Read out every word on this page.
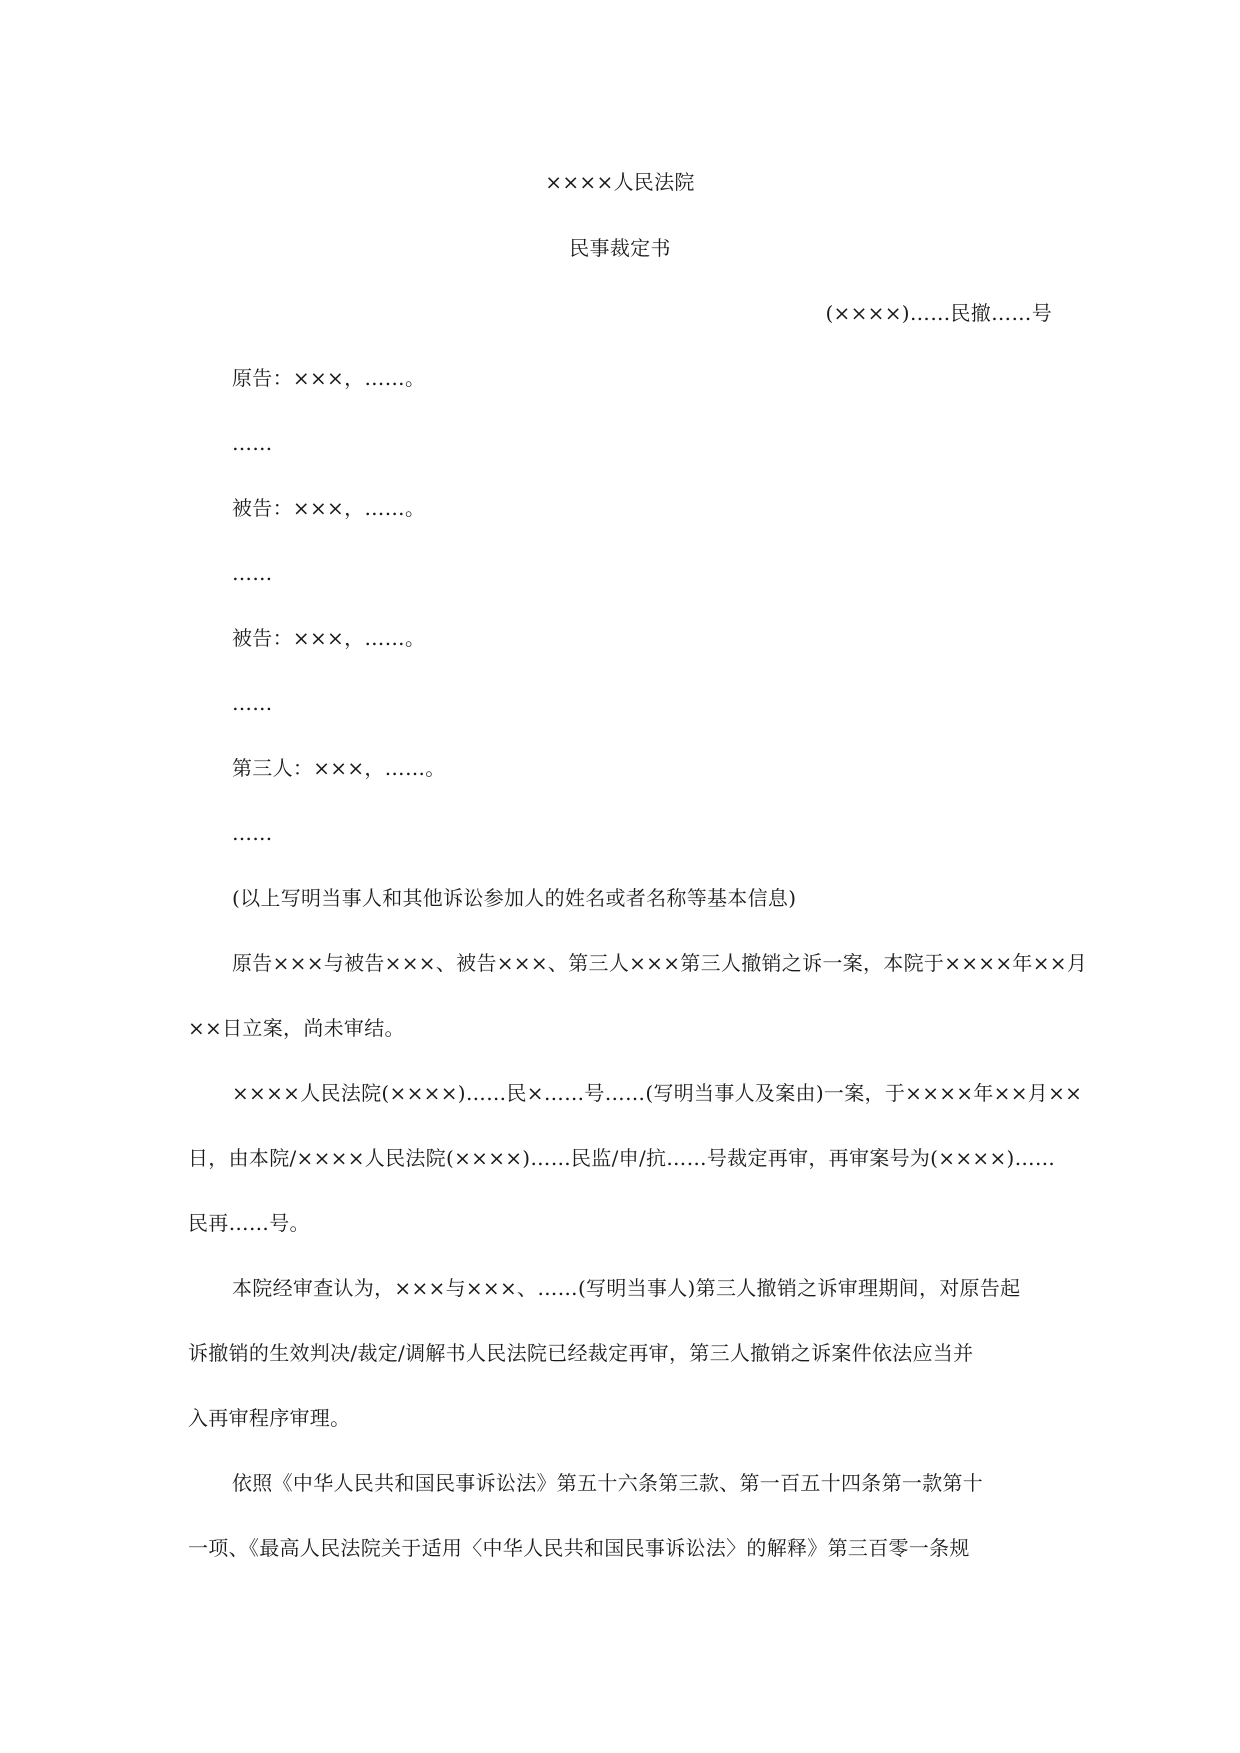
××××人民法院
民事裁定书
(××××)……民撤……号
原告：×××，……。
……
被告：×××，……。
……
被告：×××，……。
……
第三人：×××，……。
……
(以上写明当事人和其他诉讼参加人的姓名或者名称等基本信息)
原告×××与被告×××、被告×××、第三人×××第三人撤销之诉一案，本院于××××年××月
××日立案，尚未审结。
××××人民法院(××××)……民×……号……(写明当事人及案由)一案，于××××年××月××
日，由本院/××××人民法院(××××)……民监/申/抗……号裁定再审，再审案号为(××××)……
民再……号。
本院经审查认为，×××与×××、……(写明当事人)第三人撤销之诉审理期间，对原告起
诉撤销的生效判决/裁定/调解书人民法院已经裁定再审，第三人撤销之诉案件依法应当并
入再审程序审理。
依照《中华人民共和国民事诉讼法》第五十六条第三款、第一百五十四条第一款第十
一项、《最高人民法院关于适用〈中华人民共和国民事诉讼法〉的解释》第三百零一条规
